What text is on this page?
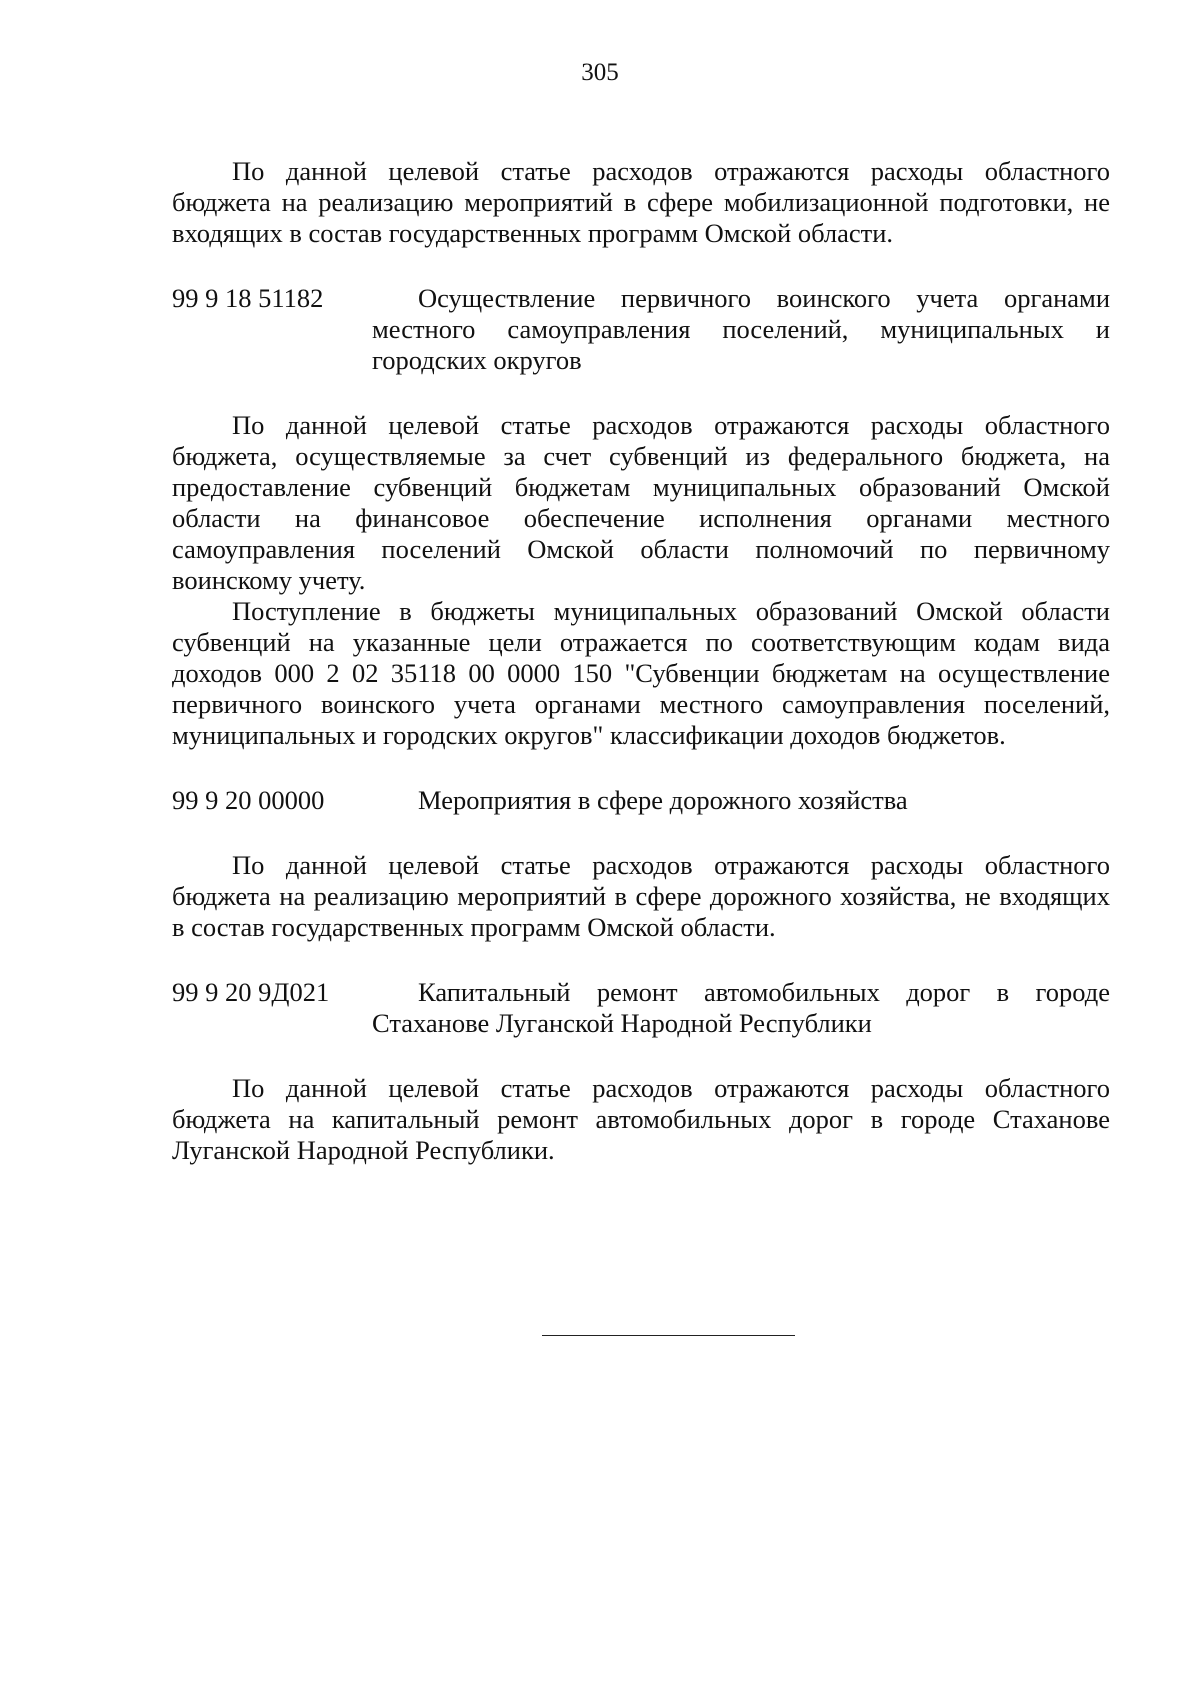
305

По данной целевой статье расходов отражаются расходы областного бюджета на реализацию мероприятий в сфере мобилизационной подготовки, не входящих в состав государственных программ Омской области.

99 9 18 51182	Осуществление первичного воинского учета органами местного самоуправления поселений, муниципальных и городских округов

По данной целевой статье расходов отражаются расходы областного бюджета, осуществляемые за счет субвенций из федерального бюджета, на предоставление субвенций бюджетам муниципальных образований Омской области на финансовое обеспечение исполнения органами местного самоуправления поселений Омской области полномочий по первичному воинскому учету.

Поступление в бюджеты муниципальных образований Омской области субвенций на указанные цели отражается по соответствующим кодам вида доходов 000 2 02 35118 00 0000 150 "Субвенции бюджетам на осуществление первичного воинского учета органами местного самоуправления поселений, муниципальных и городских округов" классификации доходов бюджетов.

99 9 20 00000	Мероприятия в сфере дорожного хозяйства

По данной целевой статье расходов отражаются расходы областного бюджета на реализацию мероприятий в сфере дорожного хозяйства, не входящих в состав государственных программ Омской области.

99 9 20 9Д021	Капитальный ремонт автомобильных дорог в городе Стаханове Луганской Народной Республики

По данной целевой статье расходов отражаются расходы областного бюджета на капитальный ремонт автомобильных дорог в городе Стаханове Луганской Народной Республики.
